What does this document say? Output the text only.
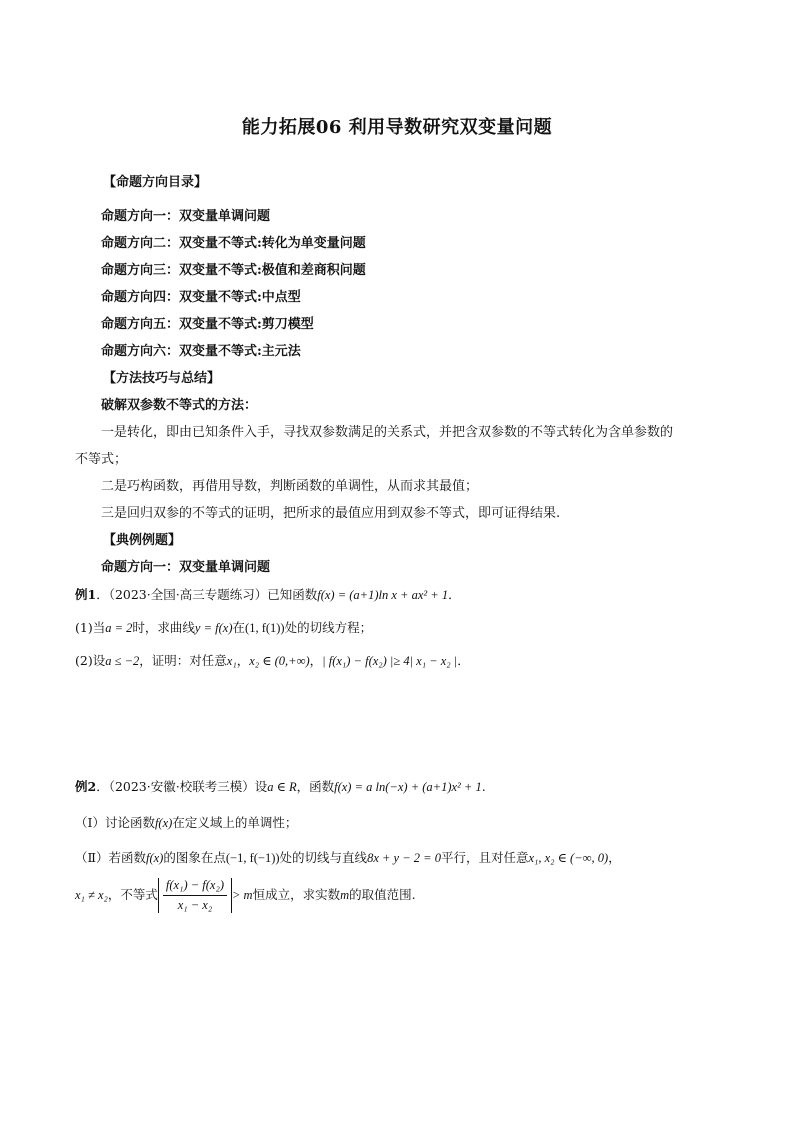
能力拓展06 利用导数研究双变量问题
【命题方向目录】
命题方向一：双变量单调问题
命题方向二：双变量不等式:转化为单变量问题
命题方向三：双变量不等式:极值和差商积问题
命题方向四：双变量不等式:中点型
命题方向五：双变量不等式:剪刀模型
命题方向六：双变量不等式:主元法
【方法技巧与总结】
破解双参数不等式的方法：
一是转化，即由已知条件入手，寻找双参数满足的关系式，并把含双参数的不等式转化为含单参数的
不等式；
二是巧构函数，再借用导数，判断函数的单调性，从而求其最值；
三是回归双参的不等式的证明，把所求的最值应用到双参不等式，即可证得结果.
【典例例题】
命题方向一：双变量单调问题
例1．（2023·全国·高三专题练习）已知函数f(x) = (a+1)ln x + ax² + 1．
(1)当a = 2时，求曲线y = f(x)在(1, f(1))处的切线方程；
(2)设a ≤ −2，证明：对任意x₁，x₂ ∈ (0,+∞)，| f(x₁) − f(x₂) |≥ 4| x₁ − x₂ |．
例2．（2023·安徽·校联考三模）设a ∈ R，函数f(x) = a ln(−x) + (a+1)x² + 1.
（Ⅰ）讨论函数f(x)在定义域上的单调性；
（Ⅱ）若函数f(x)的图象在点(−1, f(−1))处的切线与直线8x + y − 2 = 0平行，且对任意x₁, x₂ ∈ (−∞, 0)，
x₁ ≠ x₂，不等式 $\frac{\text{f(x₁) − f(x₂)}}{\text{x₁ − x₂}} > m$恒成立，求实数m的取值范围.
